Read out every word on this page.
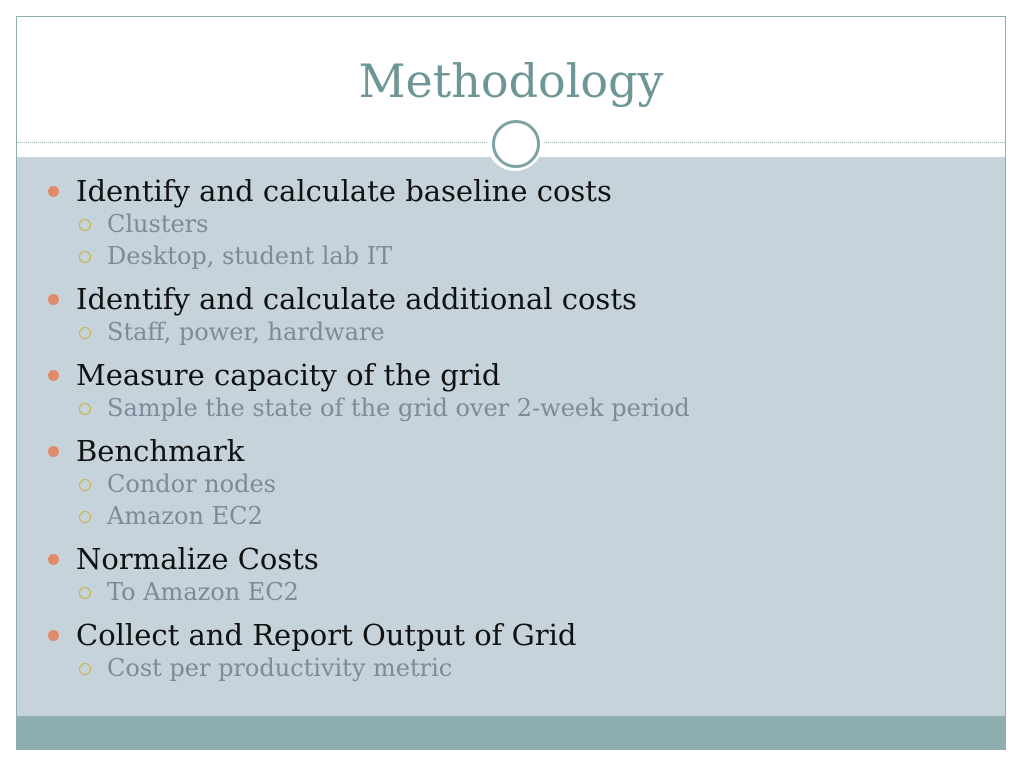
Methodology
Identify and calculate baseline costs
Clusters
Desktop, student lab IT
Identify and calculate additional costs
Staff, power, hardware
Measure capacity of the grid
Sample the state of the grid over 2-week period
Benchmark
Condor nodes
Amazon EC2
Normalize Costs
To Amazon EC2
Collect and Report Output of Grid
Cost per productivity metric
